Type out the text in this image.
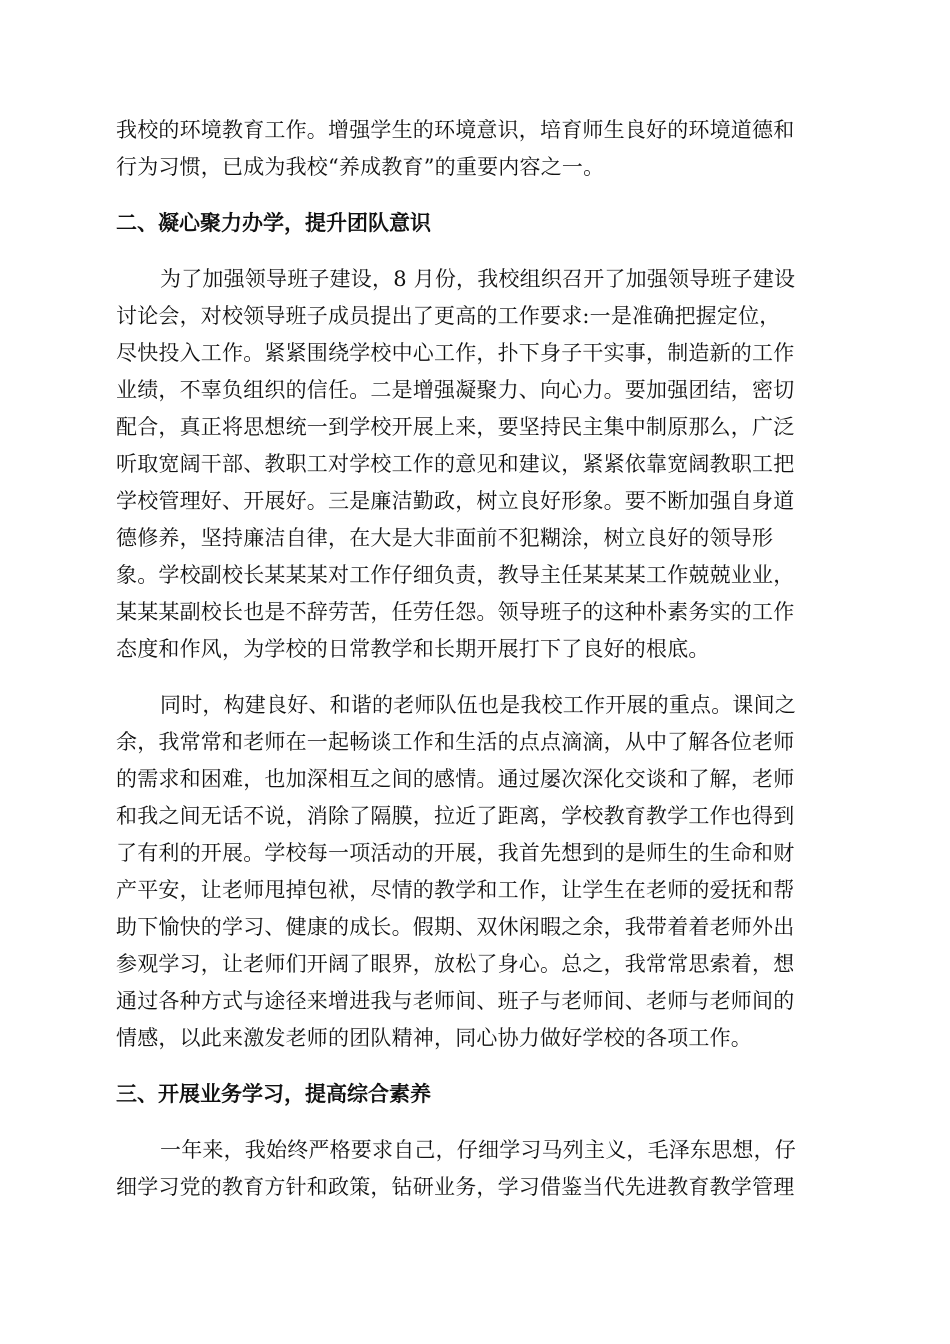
我校的环境教育工作。增强学生的环境意识，培育师生良好的环境道德和
行为习惯，已成为我校“养成教育”的重要内容之一。
二、凝心聚力办学，提升团队意识
为了加强领导班子建设，8 月份，我校组织召开了加强领导班子建设
讨论会，对校领导班子成员提出了更高的工作要求:一是准确把握定位，
尽快投入工作。紧紧围绕学校中心工作，扑下身子干实事，制造新的工作
业绩，不辜负组织的信任。二是增强凝聚力、向心力。要加强团结，密切
配合，真正将思想统一到学校开展上来，要坚持民主集中制原那么，广泛
听取宽阔干部、教职工对学校工作的意见和建议，紧紧依靠宽阔教职工把
学校管理好、开展好。三是廉洁勤政，树立良好形象。要不断加强自身道
德修养，坚持廉洁自律，在大是大非面前不犯糊涂，树立良好的领导形
象。学校副校长某某某对工作仔细负责，教导主任某某某工作兢兢业业，
某某某副校长也是不辞劳苦，任劳任怨。领导班子的这种朴素务实的工作
态度和作风，为学校的日常教学和长期开展打下了良好的根底。
同时，构建良好、和谐的老师队伍也是我校工作开展的重点。课间之
余，我常常和老师在一起畅谈工作和生活的点点滴滴，从中了解各位老师
的需求和困难，也加深相互之间的感情。通过屡次深化交谈和了解，老师
和我之间无话不说，消除了隔膜，拉近了距离，学校教育教学工作也得到
了有利的开展。学校每一项活动的开展，我首先想到的是师生的生命和财
产平安，让老师甩掉包袱，尽情的教学和工作，让学生在老师的爱抚和帮
助下愉快的学习、健康的成长。假期、双休闲暇之余，我带着着老师外出
参观学习，让老师们开阔了眼界，放松了身心。总之，我常常思索着，想
通过各种方式与途径来增进我与老师间、班子与老师间、老师与老师间的
情感，以此来激发老师的团队精神，同心协力做好学校的各项工作。
三、开展业务学习，提高综合素养
一年来，我始终严格要求自己，仔细学习马列主义，毛泽东思想，仔
细学习党的教育方针和政策，钻研业务，学习借鉴当代先进教育教学管理
